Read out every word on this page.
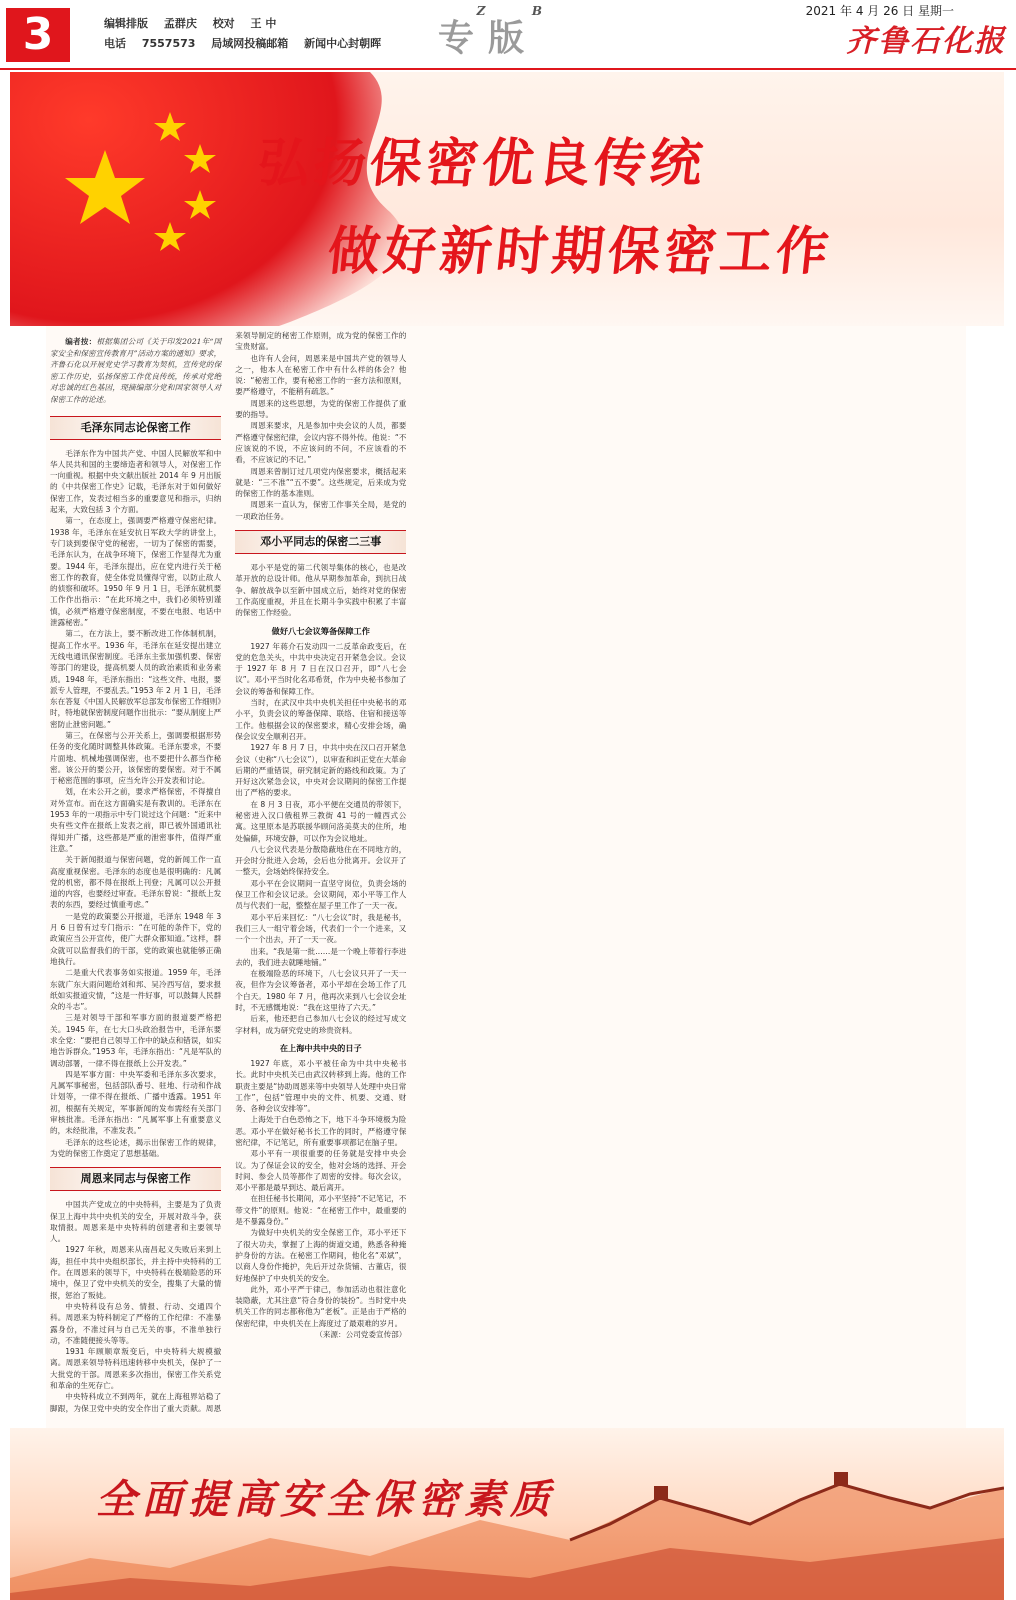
3	编辑排版 孟群庆 校对 王 中
电话 7557573 局域网投稿邮箱 新闻中心封朝晖
Z	B
专版
2021 年 4 月 26 日 星期一
齐鲁石化报
弘扬保密优良传统
做好新时期保密工作

编者按：根据集团公司《关于印发2021年“国家安全和保密宣传教育月”活动方案的通知》要求，齐鲁石化以开展党史学习教育为契机，宣传党的保密工作历史，弘扬保密工作优良传统，传承对党绝对忠诚的红色基因，现摘编部分党和国家领导人对保密工作的论述。

毛泽东同志论保密工作

毛泽东作为中国共产党、中国人民解放军和中华人民共和国的主要缔造者和领导人，对保密工作一向重视。根据中央文献出版社 2014 年 9 月出版的《中共保密工作史》记载，毛泽东对于如何做好保密工作，发表过相当多的重要意见和指示，归纳起来，大致包括 3 个方面。

第一，在态度上，强调要严格遵守保密纪律。1938 年，毛泽东在延安抗日军政大学的讲堂上，专门谈到要保守党的秘密，一切为了保密的需要，毛泽东认为，在战争环境下，保密工作显得尤为重要。1944 年，毛泽东提出，应在党内进行关于秘密工作的教育，使全体党员懂得守密，以防止敌人的侦察和破坏。1950 年 9 月 1 日，毛泽东就机要工作作出指示：“在此环境之中，我们必须特别谨慎，必须严格遵守保密制度，不要在电报、电话中泄露秘密。”

第二，在方法上，要不断改进工作体制机制，提高工作水平。1936 年，毛泽东在延安提出建立无线电通讯保密制度。毛泽东主张加强机要、保密等部门的建设，提高机要人员的政治素质和业务素质。1948 年，毛泽东指出：“这些文件、电报，要派专人管理，不要乱丢。”1953 年 2 月 1 日，毛泽东在答复《中国人民解放军总部发布保密工作细则》时，特地就保密制度问题作出批示：“要从制度上严密防止泄密问题。”

第三，在保密与公开关系上，强调要根据形势任务的变化随时调整具体政策。毛泽东要求，不要片面地、机械地强调保密，也不要把什么都当作秘密。该公开的要公开，该保密的要保密。对于不属于秘密范围的事项，应当允许公开发表和讨论。

划，在未公开之前，要求严格保密，不得擅自对外宣布。而在这方面确实是有教训的。毛泽东在 1953 年的一项指示中专门说过这个问题：“近来中央有些文件在报纸上发表之前，即已被外国通讯社得知并广播，这些都是严重的泄密事件，值得严重注意。”

关于新闻报道与保密问题，党的新闻工作一直高度重视保密。毛泽东的态度也是很明确的：凡属党的机密，都不得在报纸上刊登；凡属可以公开报道的内容，也要经过审查。毛泽东曾说：“报纸上发表的东西，要经过慎重考虑。”

一是党的政策要公开报道，毛泽东 1948 年 3 月 6 日曾有过专门指示：“在可能的条件下，党的政策应当公开宣传，使广大群众都知道。”这样，群众就可以监督我们的干部，党的政策也就能够正确地执行。

二是重大代表事务如实报道。1959 年，毛泽东就广东大雨问题给刘和邦、吴冷西写信，要求报纸如实报道灾情，“这是一件好事，可以鼓舞人民群众的斗志”。

三是对领导干部和军事方面的报道要严格把关。1945 年，在七大口头政治报告中，毛泽东要求全党：“要把自己领导工作中的缺点和错误，如实地告诉群众。”1953 年，毛泽东指出：“凡是军队的调动部署，一律不得在报纸上公开发表。”

四是军事方面：中央军委和毛泽东多次要求，凡属军事秘密，包括部队番号、驻地、行动和作战计划等，一律不得在报纸、广播中透露。1951 年初，根据有关规定，军事新闻的发布需经有关部门审核批准。毛泽东指出：“凡属军事上有重要意义的，未经批准，不准发表。”

毛泽东的这些论述，揭示出保密工作的规律，为党的保密工作奠定了思想基础。

周恩来同志与保密工作

中国共产党成立的中央特科，主要是为了负责保卫上海中共中央机关的安全，开展对敌斗争，获取情报。周恩来是中央特科的创建者和主要领导人。

1927 年秋，周恩来从南昌起义失败后来到上海，担任中共中央组织部长，并主持中央特科的工作。在周恩来的领导下，中央特科在极端险恶的环境中，保卫了党中央机关的安全，搜集了大量的情报，惩治了叛徒。

中央特科设有总务、情报、行动、交通四个科。周恩来为特科制定了严格的工作纪律：不准暴露身份，不准过问与自己无关的事，不准单独行动，不准随便接头等等。

1931 年顾顺章叛变后，中央特科大规模撤离。周恩来领导特科迅速转移中央机关，保护了一大批党的干部。周恩来多次指出，保密工作关系党和革命的生死存亡。

中央特科成立不到两年，就在上海租界站稳了脚跟，为保卫党中央的安全作出了重大贡献。周恩来领导制定的秘密工作原则，成为党的保密工作的宝贵财富。

也许有人会问，周恩来是中国共产党的领导人之一，他本人在秘密工作中有什么样的体会？他说：“秘密工作，要有秘密工作的一套方法和原则，要严格遵守，不能稍有疏忽。”

周恩来的这些思想，为党的保密工作提供了重要的指导。

周恩来要求，凡是参加中央会议的人员，都要严格遵守保密纪律，会议内容不得外传。他说：“不应该说的不说，不应该问的不问，不应该看的不看，不应该记的不记。”

周恩来曾制订过几项党内保密要求，概括起来就是：“三不准”“五不要”。这些规定，后来成为党的保密工作的基本准则。

周恩来一直认为，保密工作事关全局，是党的一项政治任务。

邓小平同志的保密二三事

邓小平是党的第二代领导集体的核心，也是改革开放的总设计师。他从早期参加革命，到抗日战争、解放战争以至新中国成立后，始终对党的保密工作高度重视，并且在长期斗争实践中积累了丰富的保密工作经验。

做好八七会议筹备保障工作

1927 年蒋介石发动四一二反革命政变后，在党的危急关头，中共中央决定召开紧急会议。会议于 1927 年 8 月 7 日在汉口召开，即“八七会议”。邓小平当时化名邓希贤，作为中央秘书参加了会议的筹备和保障工作。

当时，在武汉中共中央机关担任中央秘书的邓小平，负责会议的筹备保障、联络、住宿和接送等工作。他根据会议的保密要求，精心安排会场，确保会议安全顺利召开。

1927 年 8 月 7 日，中共中央在汉口召开紧急会议（史称“八七会议”），以审查和纠正党在大革命后期的严重错误，研究制定新的路线和政策。为了开好这次紧急会议，中央对会议期间的保密工作提出了严格的要求。

在 8 月 3 日夜，邓小平便在交通员的带领下，秘密进入汉口俄租界三教街 41 号的一幢西式公寓。这里原本是苏联援华顾问洛美莫夫的住所，地处偏僻，环境安静，可以作为会议地址。

八七会议代表是分散隐蔽地住在不同地方的，开会时分批进入会场，会后也分批离开。会议开了一整天，会场始终保持安全。

邓小平在会议期间一直坚守岗位，负责会场的保卫工作和会议记录。会议期间，邓小平等工作人员与代表们一起，整整在屋子里工作了一天一夜。

邓小平后来回忆：“八七会议”时，我是秘书，我们三人一组守着会场，代表们一个一个进来，又一个一个出去，开了一天一夜。

出来。“我是第一批……是一个晚上带着行李进去的，我们进去就睡地铺。”

在极端险恶的环境下，八七会议只开了一天一夜，但作为会议筹备者，邓小平却在会场工作了几个白天。1980 年 7 月，他再次来到八七会议会址时，不无感慨地说：“我在这里待了六天。”

后来，他还把自己参加八七会议的经过写成文字材料，成为研究党史的珍贵资料。

在上海中共中央的日子

1927 年底，邓小平被任命为中共中央秘书长。此时中央机关已由武汉转移到上海。他的工作职责主要是“协助周恩来等中央领导人处理中央日常工作”，包括“管理中央的文件、机要、交通、财务、各种会议安排等”。

上海处于白色恐怖之下，地下斗争环境极为险恶。邓小平在做好秘书长工作的同时，严格遵守保密纪律，不记笔记，所有重要事项都记在脑子里。

邓小平有一项很重要的任务就是安排中央会议。为了保证会议的安全，他对会场的选择、开会时间、参会人员等都作了周密的安排。每次会议，邓小平都是最早到达、最后离开。

在担任秘书长期间，邓小平坚持“不记笔记，不带文件”的原则。他说：“在秘密工作中，最重要的是不暴露身份。”

为做好中央机关的安全保密工作，邓小平还下了很大功夫，掌握了上海的街道交通，熟悉各种掩护身份的方法。在秘密工作期间，他化名“邓斌”，以商人身份作掩护，先后开过杂货铺、古董店，很好地保护了中央机关的安全。

此外，邓小平严于律己，参加活动也很注意化装隐蔽，尤其注意“符合身份的装扮”。当时党中央机关工作的同志都称他为“老板”。正是由于严格的保密纪律，中央机关在上海度过了最艰难的岁月。

（来源：公司党委宣传部）

全面提高安全保密素质
